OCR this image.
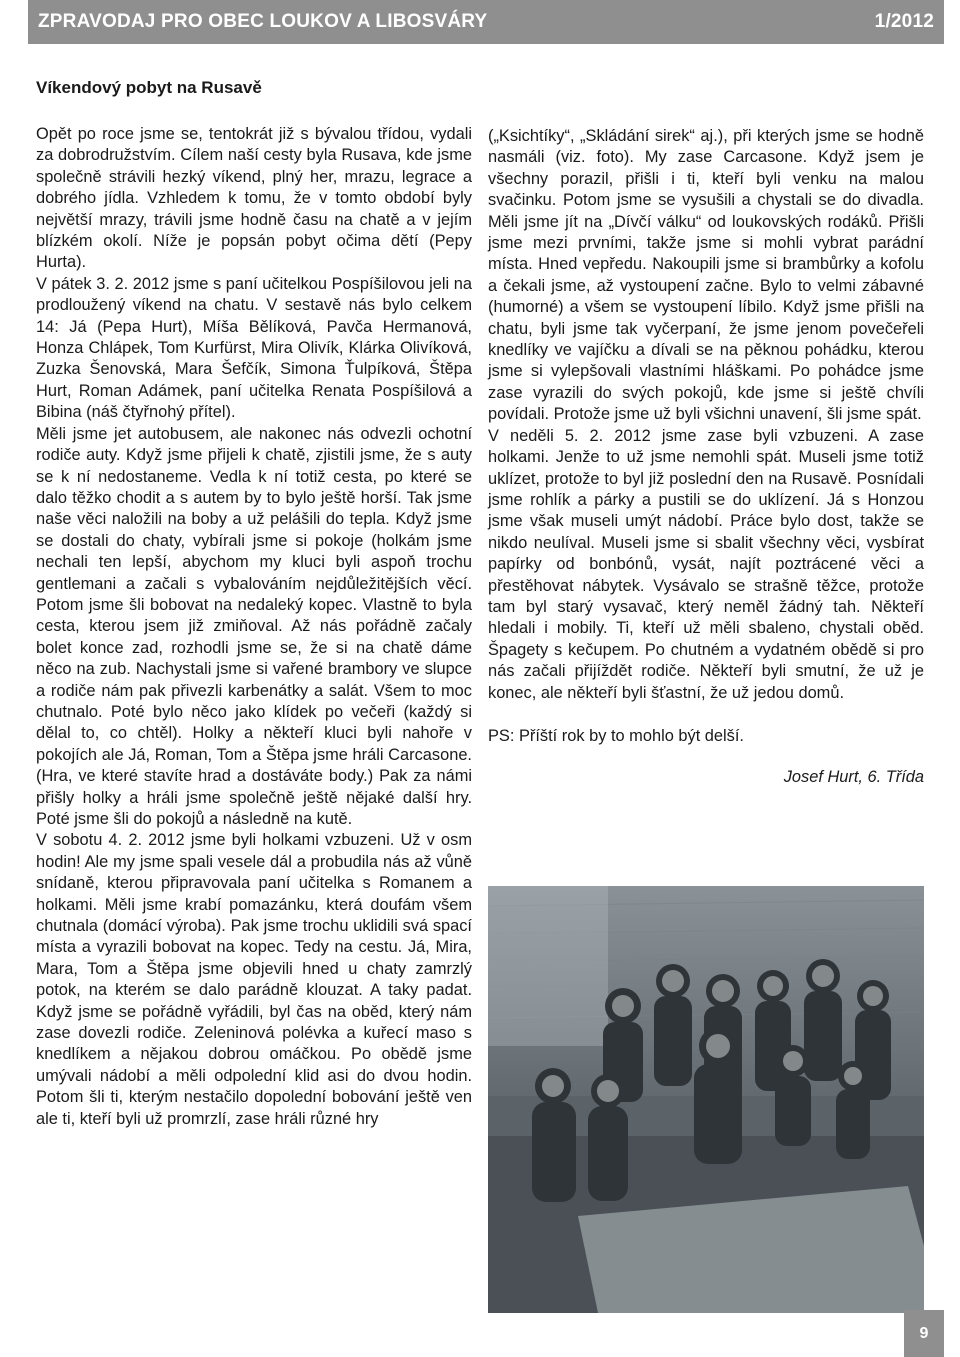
ZPRAVODAJ PRO OBEC LOUKOV A LIBOSVÁRY	1/2012
Víkendový pobyt na Rusavě

Opět po roce jsme se, tentokrát již s bývalou třídou, vydali za dobrodružstvím. Cílem naší cesty byla Rusava, kde jsme společně strávili hezký víkend, plný her, mrazu, legrace a dobrého jídla. Vzhledem k tomu, že v tomto období byly největší mrazy, trávili jsme hodně času na chatě a v jejím blízkém okolí. Níže je popsán pobyt očima dětí (Pepy Hurta).

V pátek 3. 2. 2012 jsme s paní učitelkou Pospíšilovou jeli na prodloužený víkend na chatu. V sestavě nás bylo celkem 14: Já (Pepa Hurt), Míša Bělíková, Pavča Hermanová, Honza Chlápek, Tom Kurfürst, Mira Olivík, Klárka Olivíková, Zuzka Šenovská, Mara Šefčík, Simona Ťulpíková, Štěpa Hurt, Roman Adámek, paní učitelka Renata Pospíšilová a Bibina (náš čtyřnohý přítel).

Měli jsme jet autobusem, ale nakonec nás odvezli ochotní rodiče auty. Když jsme přijeli k chatě, zjistili jsme, že s auty se k ní nedostaneme. Vedla k ní totiž cesta, po které se dalo těžko chodit a s autem by to bylo ještě horší. Tak jsme naše věci naložili na boby a už pelášili do tepla. Když jsme se dostali do chaty, vybírali jsme si pokoje (holkám jsme nechali ten lepší, abychom my kluci byli aspoň trochu gentlemani a začali s vybalováním nejdůležitějších věcí. Potom jsme šli bobovat na nedaleký kopec. Vlastně to byla cesta, kterou jsem již zmiňoval. Až nás pořádně začaly bolet konce zad, rozhodli jsme se, že si na chatě dáme něco na zub. Nachystali jsme si vařené brambory ve slupce a rodiče nám pak přivezli karbenátky a salát. Všem to moc chutnalo. Poté bylo něco jako klídek po večeři (každý si dělal to, co chtěl). Holky a někteří kluci byli nahoře v pokojích ale Já, Roman, Tom a Štěpa jsme hráli Carcasone. (Hra, ve které stavíte hrad a dostáváte body.) Pak za námi přišly holky a hráli jsme společně ještě nějaké další hry. Poté jsme šli do pokojů a následně na kutě.

V sobotu 4. 2. 2012 jsme byli holkami vzbuzeni. Už v osm hodin! Ale my jsme spali vesele dál a probudila nás až vůně snídaně, kterou připravovala paní učitelka s Romanem a holkami. Měli jsme krabí pomazánku, která doufám všem chutnala (domácí výroba). Pak jsme trochu uklidili svá spací místa a vyrazili bobovat na kopec. Tedy na cestu. Já, Mira, Mara, Tom a Štěpa jsme objevili hned u chaty zamrzlý potok, na kterém se dalo parádně klouzat. A taky padat. Když jsme se pořádně vyřádili, byl čas na oběd, který nám zase dovezli rodiče. Zeleninová polévka a kuřecí maso s knedlíkem a nějakou dobrou omáčkou. Po obědě jsme umývali nádobí a měli odpolední klid asi do dvou hodin. Potom šli ti, kterým nestačilo dopolední bobování ještě ven ale ti, kteří byli už promrzlí, zase hráli různé hry

(„Ksichtíky“, „Skládání sirek“ aj.), při kterých jsme se hodně nasmáli (viz. foto). My zase Carcasone. Když jsem je všechny porazil, přišli i ti, kteří byli venku na malou svačinku. Potom jsme se vysušili a chystali se do divadla. Měli jsme jít na „Dívčí válku“ od loukovských rodáků. Přišli jsme mezi prvními, takže jsme si mohli vybrat parádní místa. Hned vepředu. Nakoupili jsme si brambůrky a kofolu a čekali jsme, až vystoupení začne. Bylo to velmi zábavné (humorné) a všem se vystoupení líbilo. Když jsme přišli na chatu, byli jsme tak vyčerpaní, že jsme jenom povečeřeli knedlíky ve vajíčku a dívali se na pěknou pohádku, kterou jsme si vylepšovali vlastními hláškami. Po pohádce jsme zase vyrazili do svých pokojů, kde jsme si ještě chvíli povídali. Protože jsme už byli všichni unavení, šli jsme spát.

V neděli 5. 2. 2012 jsme zase byli vzbuzeni. A zase holkami. Jenže to už jsme nemohli spát. Museli jsme totiž uklízet, protože to byl již poslední den na Rusavě. Posnídali jsme rohlík a párky a pustili se do uklízení. Já s Honzou jsme však museli umýt nádobí. Práce bylo dost, takže se nikdo neulíval. Museli jsme si sbalit všechny věci, vysbírat papírky od bonbónů, vysát, najít poztrácené věci a přestěhovat nábytek. Vysávalo se strašně těžce, protože tam byl starý vysavač, který neměl žádný tah. Někteří hledali i mobily. Ti, kteří už měli sbaleno, chystali oběd. Špagety s kečupem. Po chutném a vydatném obědě si pro nás začali přijíždět rodiče. Někteří byli smutní, že už je konec, ale někteří byli šťastní, že už jedou domů.

PS: Příští rok by to mohlo být delší.

Josef Hurt, 6. Třída

9
